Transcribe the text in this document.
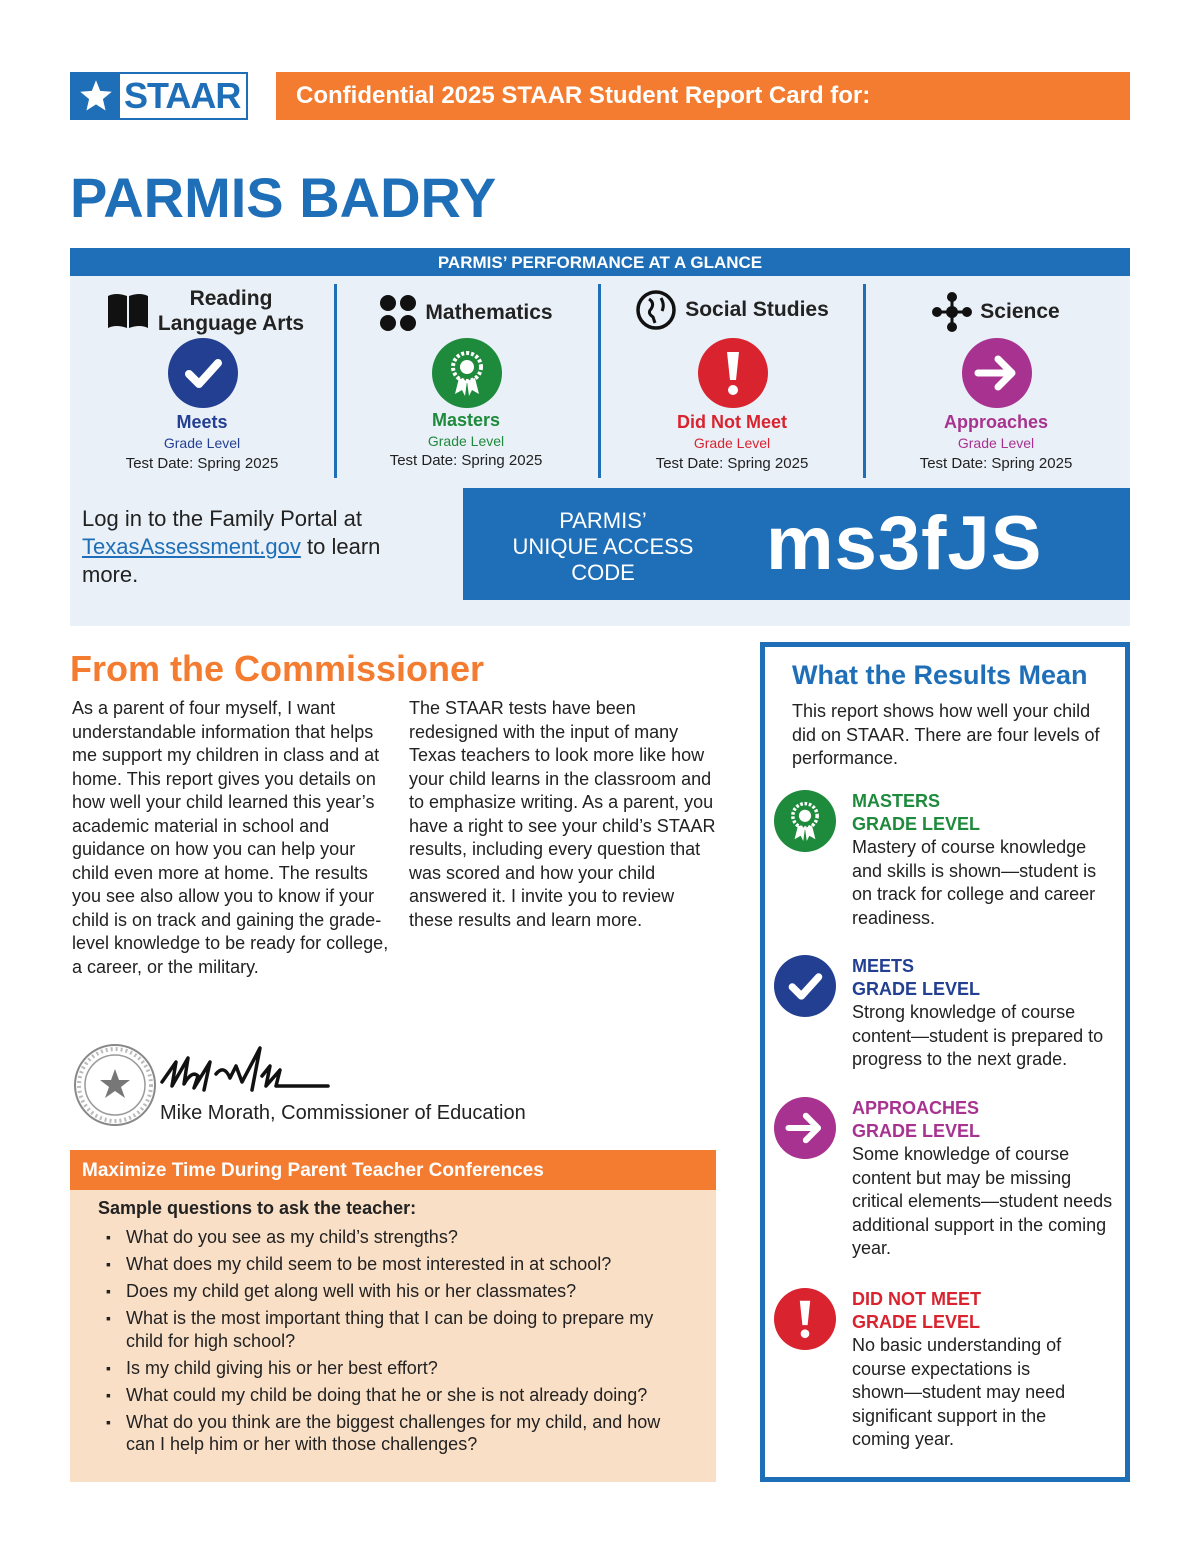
STAAR	Confidential 2025 STAAR Student Report Card for:
PARMIS BADRY
PARMIS’ PERFORMANCE AT A GLANCE
Reading
Language Arts
Meets
Grade Level
Test Date: Spring 2025
Mathematics
Masters
Grade Level
Test Date: Spring 2025
Social Studies
Did Not Meet
Grade Level
Test Date: Spring 2025
Science
Approaches
Grade Level
Test Date: Spring 2025
Log in to the Family Portal at
TexasAssessment.gov to learn more.
PARMIS’
UNIQUE ACCESS
CODE	ms3fJS
From the Commissioner
As a parent of four myself, I want understandable information that helps me support my children in class and at home. This report gives you details on how well your child learned this year’s academic material in school and guidance on how you can help your child even more at home. The results you see also allow you to know if your child is on track and gaining the grade-level knowledge to be ready for college, a career, or the military.
The STAAR tests have been redesigned with the input of many Texas teachers to look more like how your child learns in the classroom and to emphasize writing. As a parent, you have a right to see your child’s STAAR results, including every question that was scored and how your child answered it. I invite you to review these results and learn more.
Mike Morath, Commissioner of Education
Maximize Time During Parent Teacher Conferences
Sample questions to ask the teacher:
▪ What do you see as my child’s strengths?
▪ What does my child seem to be most interested in at school?
▪ Does my child get along well with his or her classmates?
▪ What is the most important thing that I can be doing to prepare my child for high school?
▪ Is my child giving his or her best effort?
▪ What could my child be doing that he or she is not already doing?
▪ What do you think are the biggest challenges for my child, and how can I help him or her with those challenges?
What the Results Mean
This report shows how well your child did on STAAR. There are four levels of performance.
MASTERS
GRADE LEVEL
Mastery of course knowledge and skills is shown—student is on track for college and career readiness.
MEETS
GRADE LEVEL
Strong knowledge of course content—student is prepared to progress to the next grade.
APPROACHES
GRADE LEVEL
Some knowledge of course content but may be missing critical elements—student needs additional support in the coming year.
DID NOT MEET
GRADE LEVEL
No basic understanding of course expectations is shown—student may need significant support in the coming year.
